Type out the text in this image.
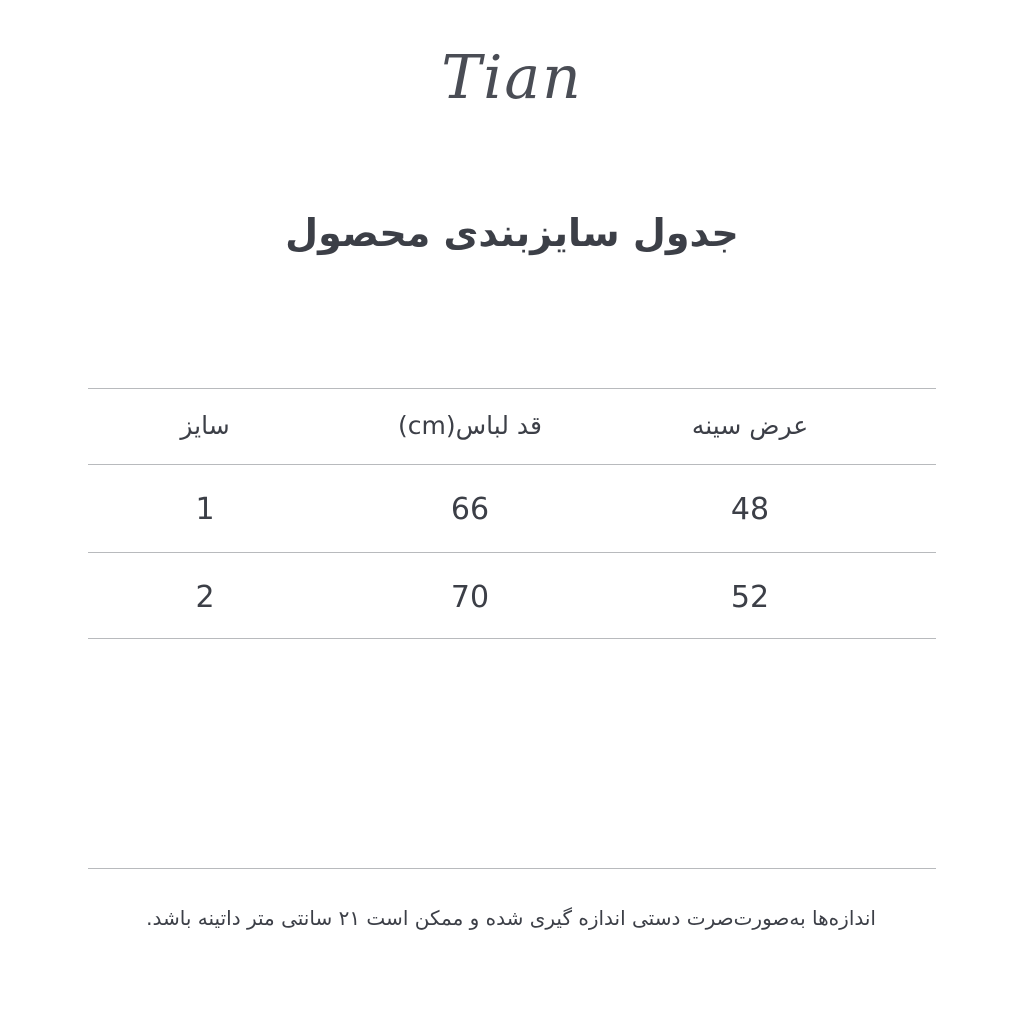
Tian
جدول سایزبندی محصول
سایز	قد لباس(cm)	عرض سینه
1	66	48
2	70	52
اندازه‌ها به‌صورت‌صرت دستی اندازه گیری شده و ممکن است ۲۱ سانتی متر داتینه باشد.
